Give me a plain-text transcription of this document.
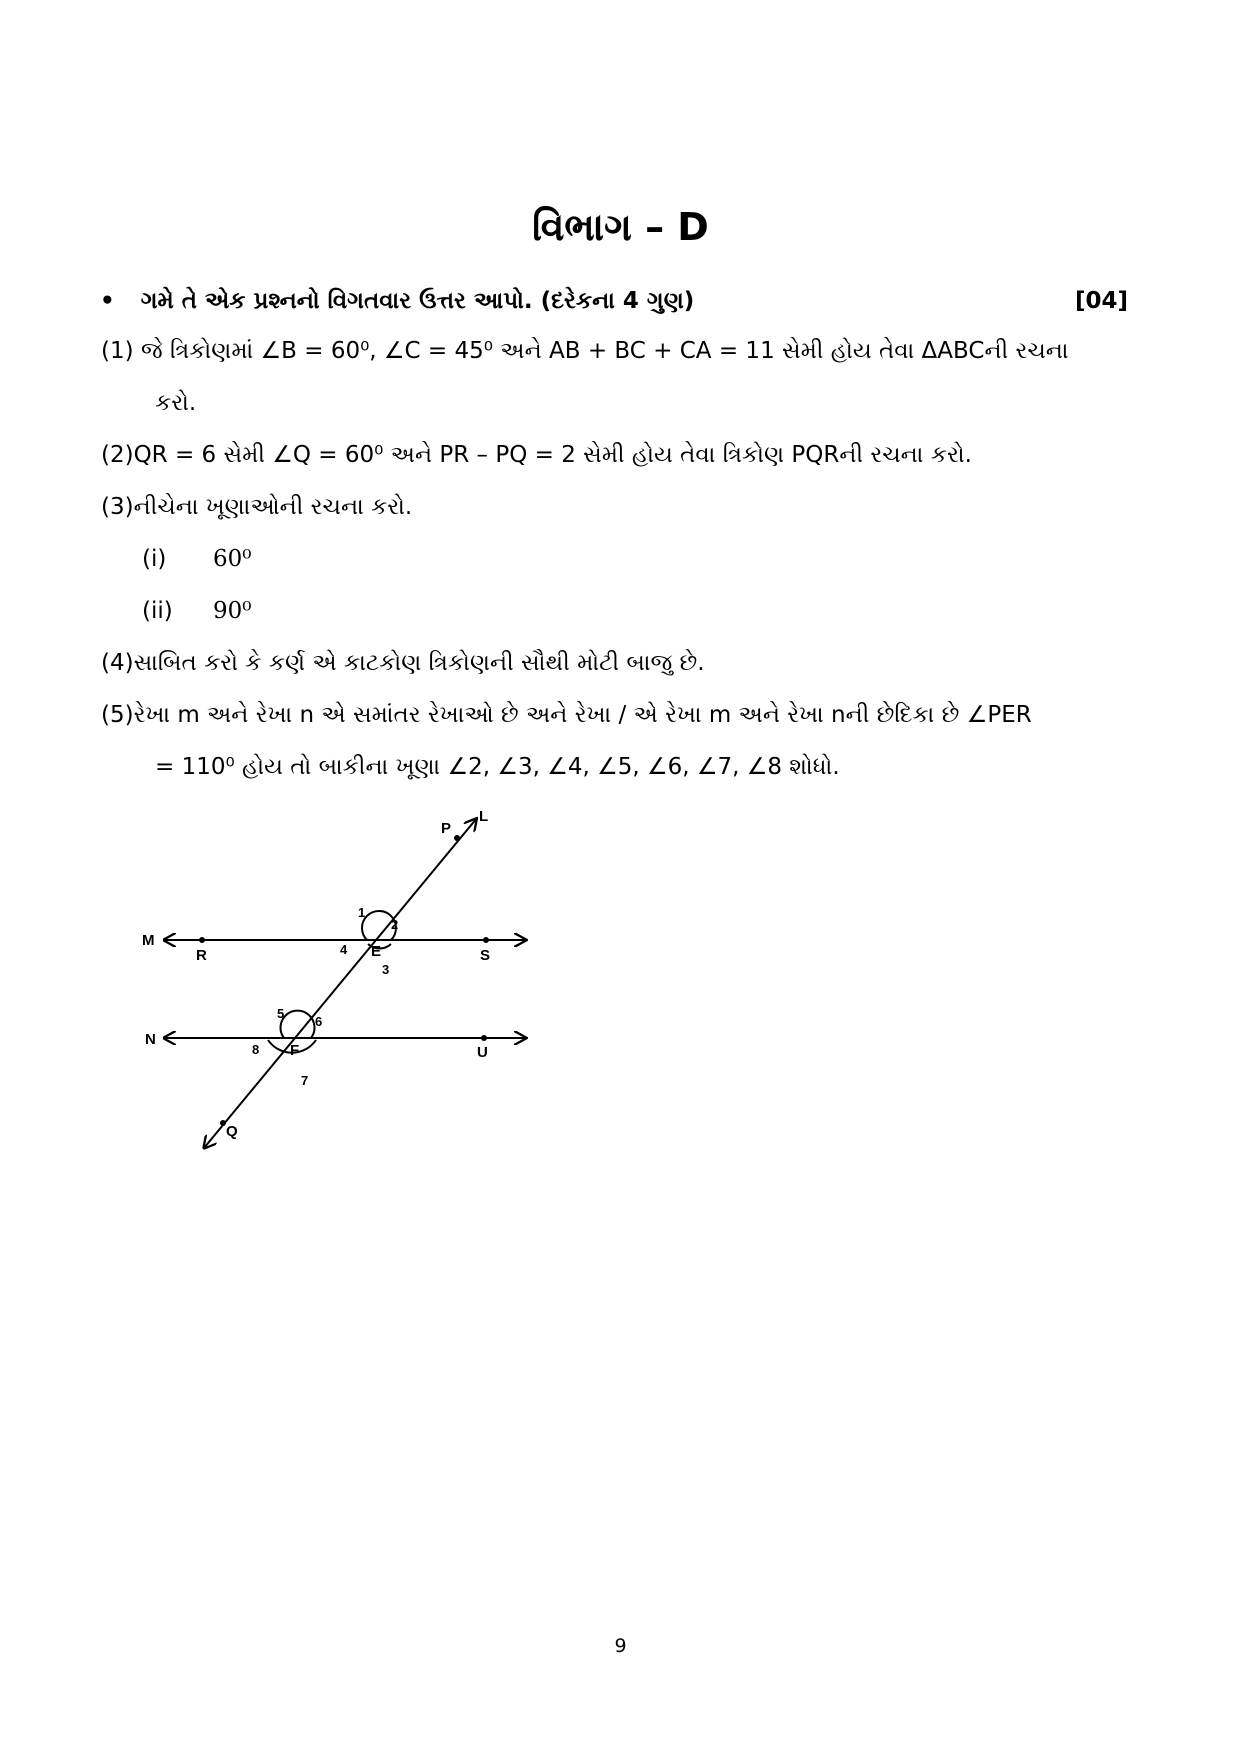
વિભાગ – D
• ગમે તે એક પ્રશ્નનો વિગતવાર ઉત્તર આપો. (દરેકના 4 ગુણ)	[04]
(1) જે ત્રિકોણમાં ∠B = 60⁰, ∠C = 45⁰ અને AB + BC + CA = 11 સેમી હોય તેવા ΔABCની રચના
કરો.
(2)QR = 6 સેમી ∠Q = 60⁰ અને PR – PQ = 2 સેમી હોય તેવા ત્રિકોણ PQRની રચના કરો.
(3)નીચેના ખૂણાઓની રચના કરો.
(i) 60⁰
(ii) 90⁰
(4)સાબિત કરો કે કર્ણ એ કાટકોણ ત્રિકોણની સૌથી મોટી બાજુ છે.
(5)રેખા m અને રેખા n એ સમાંતર રેખાઓ છે અને રેખા / એ રેખા m અને રેખા nની છેદિકા છે ∠PER
= 110⁰ હોય તો બાકીના ખૂણા ∠2, ∠3, ∠4, ∠5, ∠6, ∠7, ∠8 શોધો.
P
L
M
R	S
E
N
U
F
Q
1
2
3
4
5
6
7
8
9
